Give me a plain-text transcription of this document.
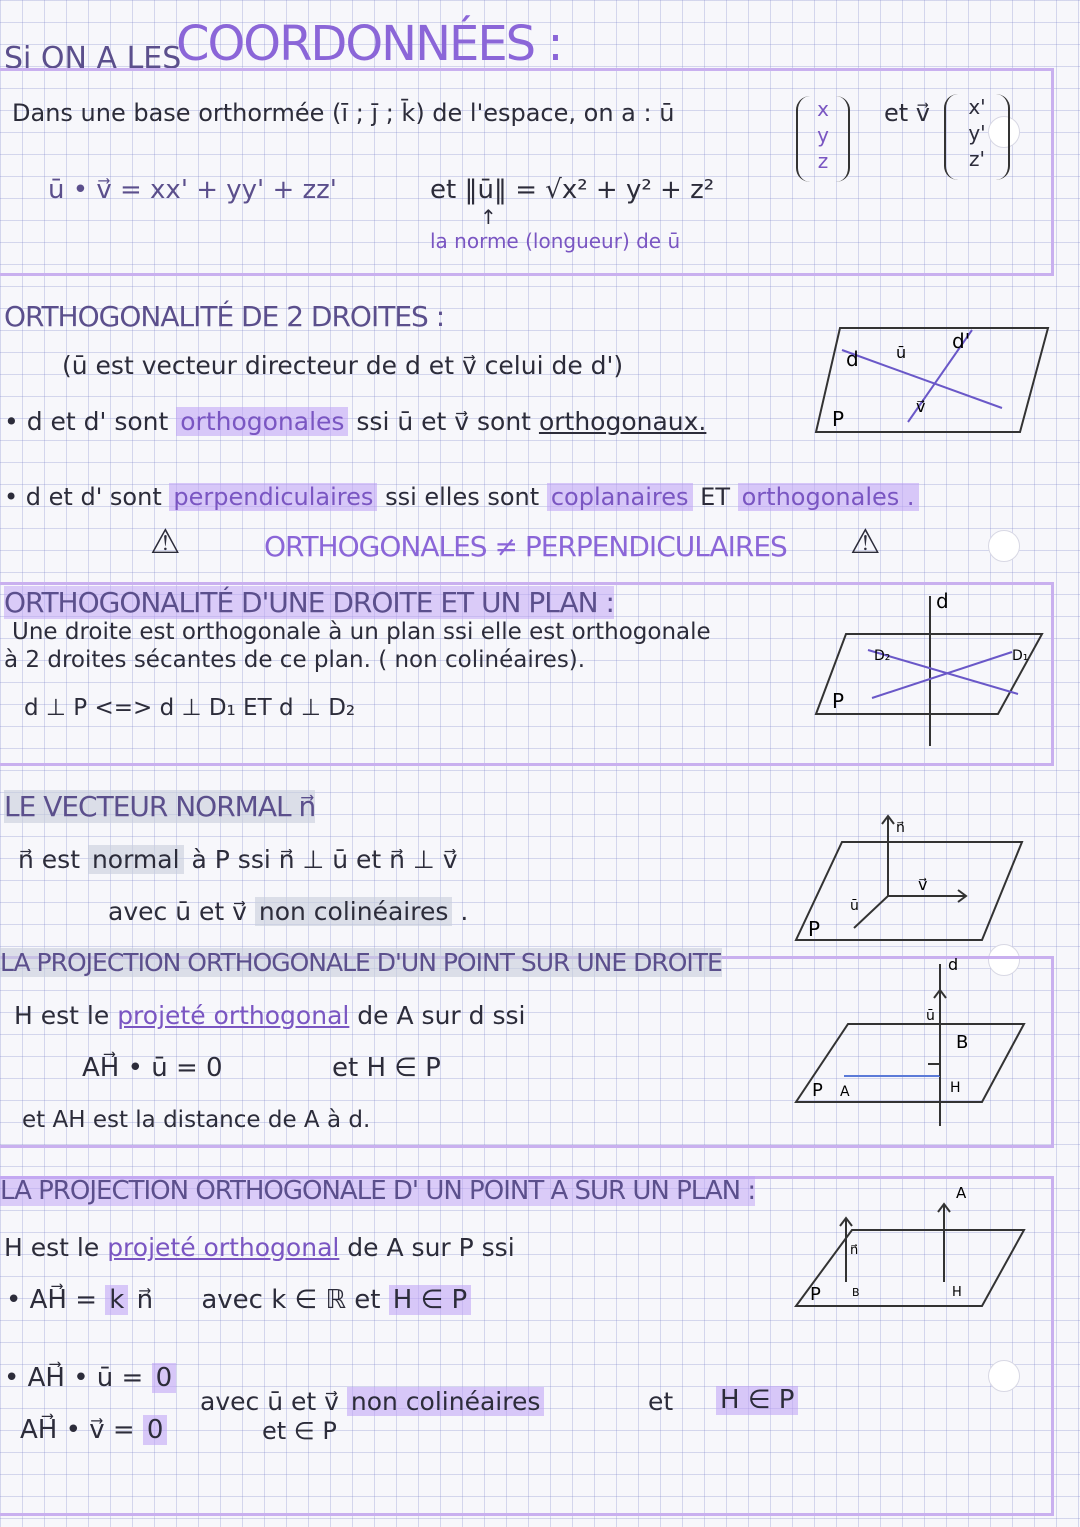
Si ON A LES
COORDONNÉES :
Dans une base orthormée (ī ; j̄ ; k̄) de l'espace, on a : ū	x
y
z
et v⃗	x'
y'
z'
ū • v⃗ = xx' + yy' + zz'	et ‖ū‖ = √x² + y² + z²
↑
la norme (longueur) de ū
ORTHOGONALITÉ DE 2 DROITES :
(ū est vecteur directeur de d et v⃗ celui de d')
• d et d' sont orthogonales ssi ū et v⃗ sont orthogonaux.
• d et d' sont perpendiculaires ssi elles sont coplanaires ET orthogonales .
⚠	ORTHOGONALES ≠ PERPENDICULAIRES ⚠
d
d'
ū
v⃗
P
ORTHOGONALITÉ D'UNE DROITE ET UN PLAN :
Une droite est orthogonale à un plan ssi elle est orthogonale
à 2 droites sécantes de ce plan. ( non colinéaires).
d ⊥ P <=> d ⊥ D₁ ET d ⊥ D₂
d
D₂	D₁
P
LE VECTEUR NORMAL n⃗
n⃗ est normal à P ssi n⃗ ⊥ ū et n⃗ ⊥ v⃗
avec ū et v⃗ non colinéaires .
n⃗
v⃗
ū
P
LA PROJECTION ORTHOGONALE D'UN POINT SUR UNE DROITE
H est le projeté orthogonal de A sur d ssi
AH⃗ • ū = 0	et H ∈ P
et AH est la distance de A à d.
d
ū
B
H
A
P
LA PROJECTION ORTHOGONALE D' UN POINT A SUR UN PLAN :
H est le projeté orthogonal de A sur P ssi
• AH⃗ = k n⃗ avec k ∈ ℝ et H ∈ P
• AH⃗ • ū = 0
AH⃗ • v⃗ = 0
avec ū et v⃗ non colinéaires	et H ∈ P
et ∈ P
n⃗
A
B	H
P
